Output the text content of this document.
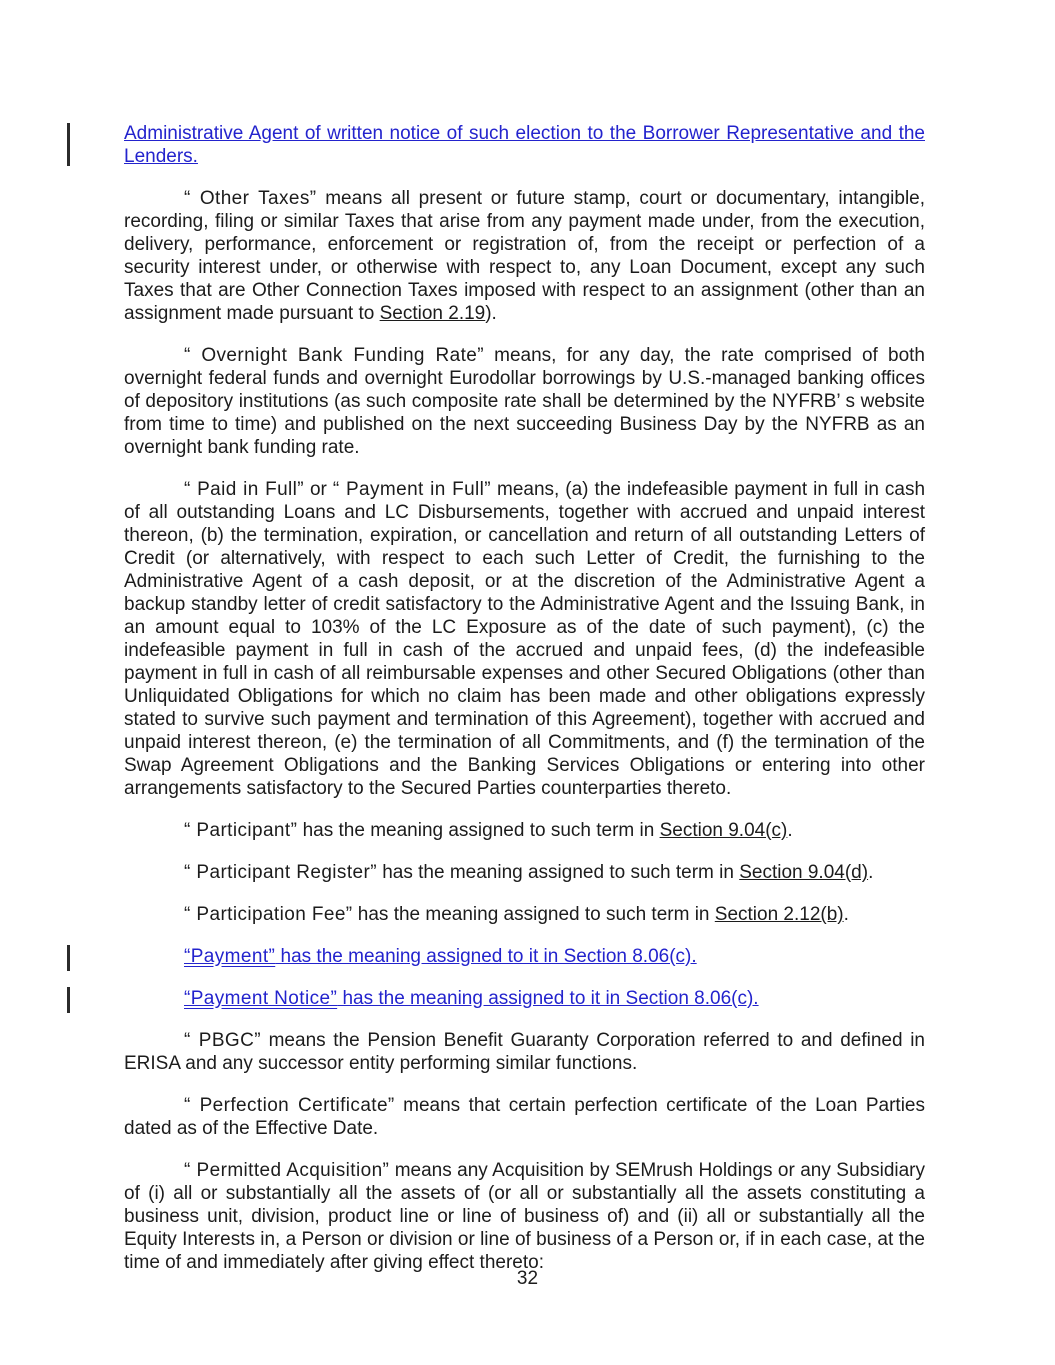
Administrative Agent of written notice of such election to the Borrower Representative and the Lenders.

“ Other Taxes” means all present or future stamp, court or documentary, intangible, recording, filing or similar Taxes that arise from any payment made under, from the execution, delivery, performance, enforcement or registration of, from the receipt or perfection of a security interest under, or otherwise with respect to, any Loan Document, except any such Taxes that are Other Connection Taxes imposed with respect to an assignment (other than an assignment made pursuant to Section 2.19).

“ Overnight Bank Funding Rate” means, for any day, the rate comprised of both overnight federal funds and overnight Eurodollar borrowings by U.S.-managed banking offices of depository institutions (as such composite rate shall be determined by the NYFRB’ s website from time to time) and published on the next succeeding Business Day by the NYFRB as an overnight bank funding rate.

“ Paid in Full” or “ Payment in Full” means, (a) the indefeasible payment in full in cash of all outstanding Loans and LC Disbursements, together with accrued and unpaid interest thereon, (b) the termination, expiration, or cancellation and return of all outstanding Letters of Credit (or alternatively, with respect to each such Letter of Credit, the furnishing to the Administrative Agent of a cash deposit, or at the discretion of the Administrative Agent a backup standby letter of credit satisfactory to the Administrative Agent and the Issuing Bank, in an amount equal to 103% of the LC Exposure as of the date of such payment), (c) the indefeasible payment in full in cash of the accrued and unpaid fees, (d) the indefeasible payment in full in cash of all reimbursable expenses and other Secured Obligations (other than Unliquidated Obligations for which no claim has been made and other obligations expressly stated to survive such payment and termination of this Agreement), together with accrued and unpaid interest thereon, (e) the termination of all Commitments, and (f) the termination of the Swap Agreement Obligations and the Banking Services Obligations or entering into other arrangements satisfactory to the Secured Parties counterparties thereto.

“ Participant” has the meaning assigned to such term in Section 9.04(c).

“ Participant Register” has the meaning assigned to such term in Section 9.04(d).

“ Participation Fee” has the meaning assigned to such term in Section 2.12(b).

“Payment” has the meaning assigned to it in Section 8.06(c).

“Payment Notice” has the meaning assigned to it in Section 8.06(c).

“ PBGC” means the Pension Benefit Guaranty Corporation referred to and defined in ERISA and any successor entity performing similar functions.

“ Perfection Certificate” means that certain perfection certificate of the Loan Parties dated as of the Effective Date.

“ Permitted Acquisition” means any Acquisition by SEMrush Holdings or any Subsidiary of (i) all or substantially all the assets of (or all or substantially all the assets constituting a business unit, division, product line or line of business of) and (ii) all or substantially all the Equity Interests in, a Person or division or line of business of a Person or, if in each case, at the time of and immediately after giving effect thereto:

32
